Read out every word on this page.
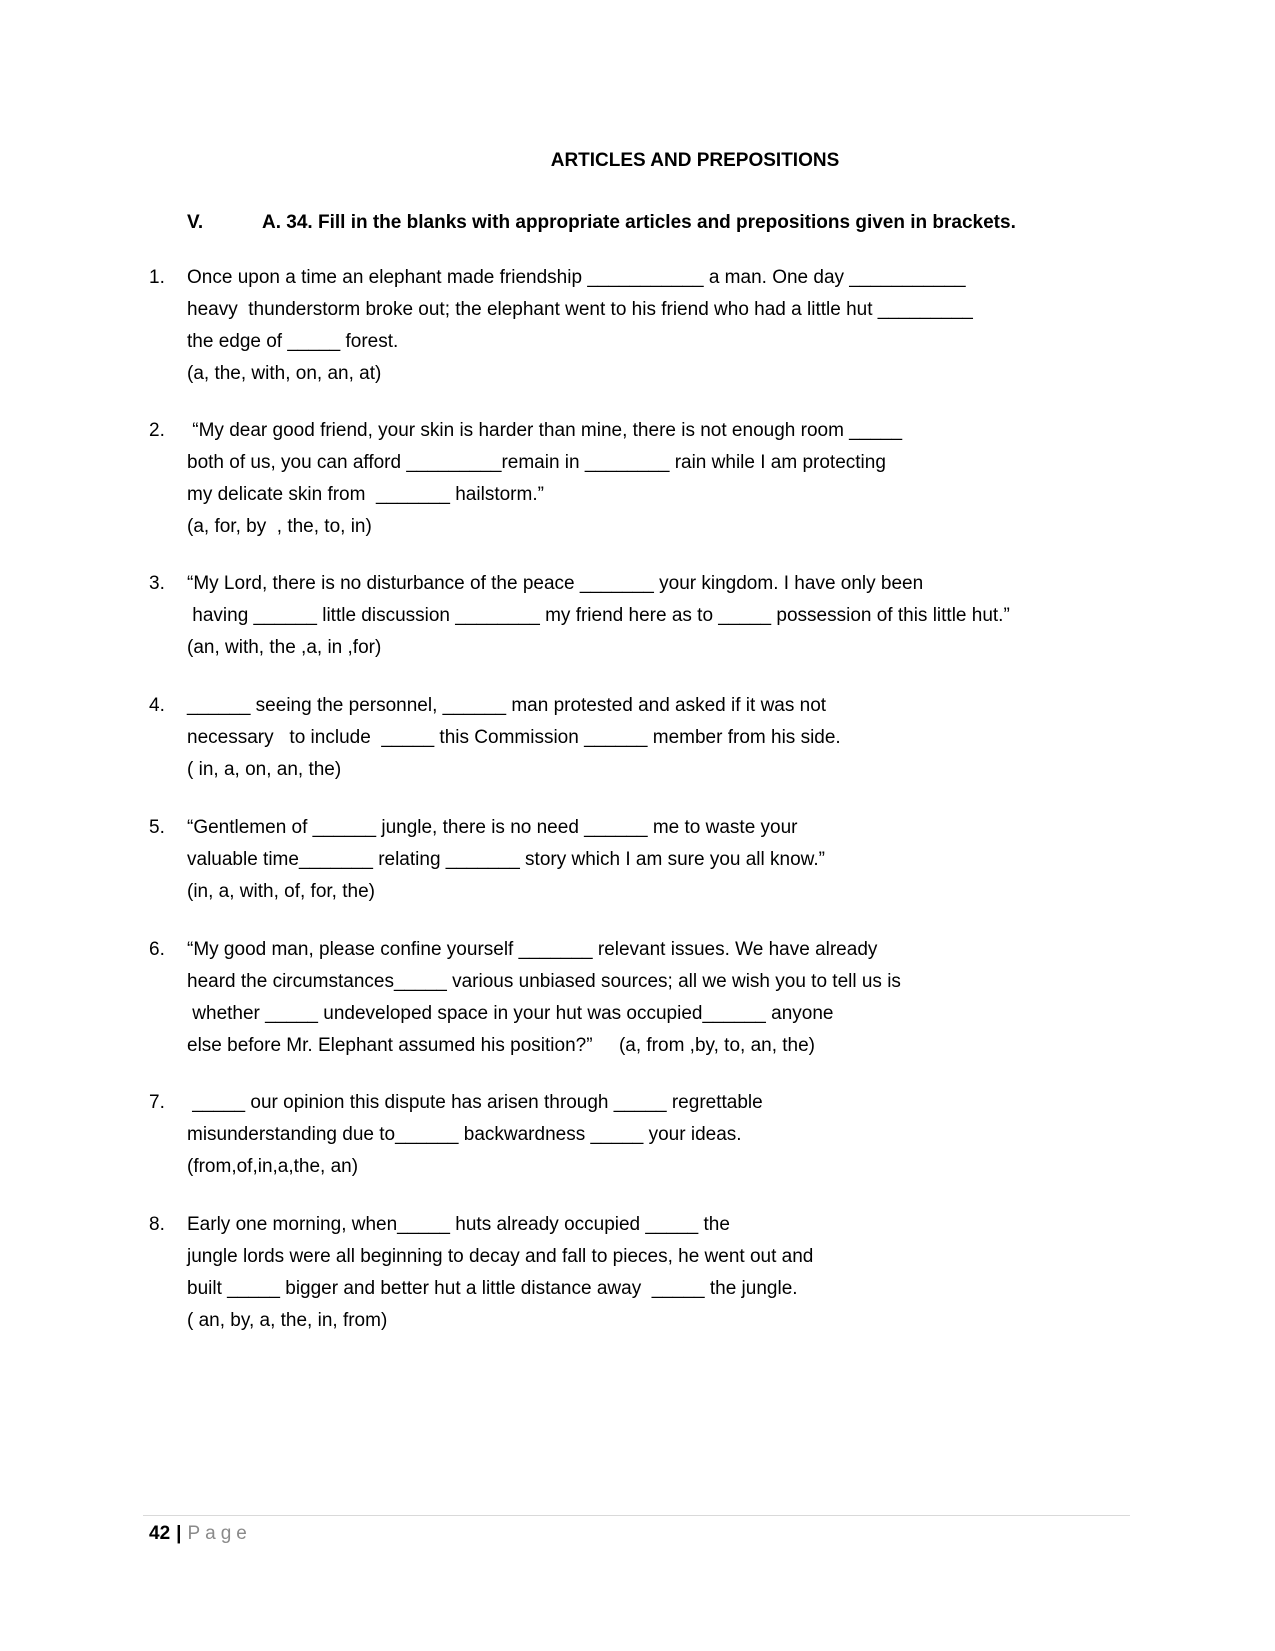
ARTICLES AND PREPOSITIONS
V.	A. 34. Fill in the blanks with appropriate articles and prepositions given in brackets.
1.	Once upon a time an elephant made friendship ___________ a man. One day ___________
heavy  thunderstorm broke out; the elephant went to his friend who had a little hut _________
the edge of _____ forest.
(a, the, with, on, an, at)
2.	“My dear good friend, your skin is harder than mine, there is not enough room _____
both of us, you can afford _________remain in ________ rain while I am protecting
my delicate skin from  _______ hailstorm.”
(a, for, by  , the, to, in)
3.	“My Lord, there is no disturbance of the peace _______ your kingdom. I have only been
having ______ little discussion ________ my friend here as to _____ possession of this little hut.”
(an, with, the ,a, in ,for)
4.	______ seeing the personnel, ______ man protested and asked if it was not
necessary   to include  _____ this Commission ______ member from his side.
( in, a, on, an, the)
5.	“Gentlemen of ______ jungle, there is no need ______ me to waste your
valuable time_______ relating _______ story which I am sure you all know.”
(in, a, with, of, for, the)
6.	“My good man, please confine yourself _______ relevant issues. We have already
heard the circumstances_____ various unbiased sources; all we wish you to tell us is
whether _____ undeveloped space in your hut was occupied______ anyone
else before Mr. Elephant assumed his position?”     (a, from ,by, to, an, the)
7.	_____ our opinion this dispute has arisen through _____ regrettable
misunderstanding due to______ backwardness _____ your ideas.
(from,of,in,a,the, an)
8.	Early one morning, when_____ huts already occupied _____ the
jungle lords were all beginning to decay and fall to pieces, he went out and
built _____ bigger and better hut a little distance away  _____ the jungle.
( an, by, a, the, in, from)
42 | Page
